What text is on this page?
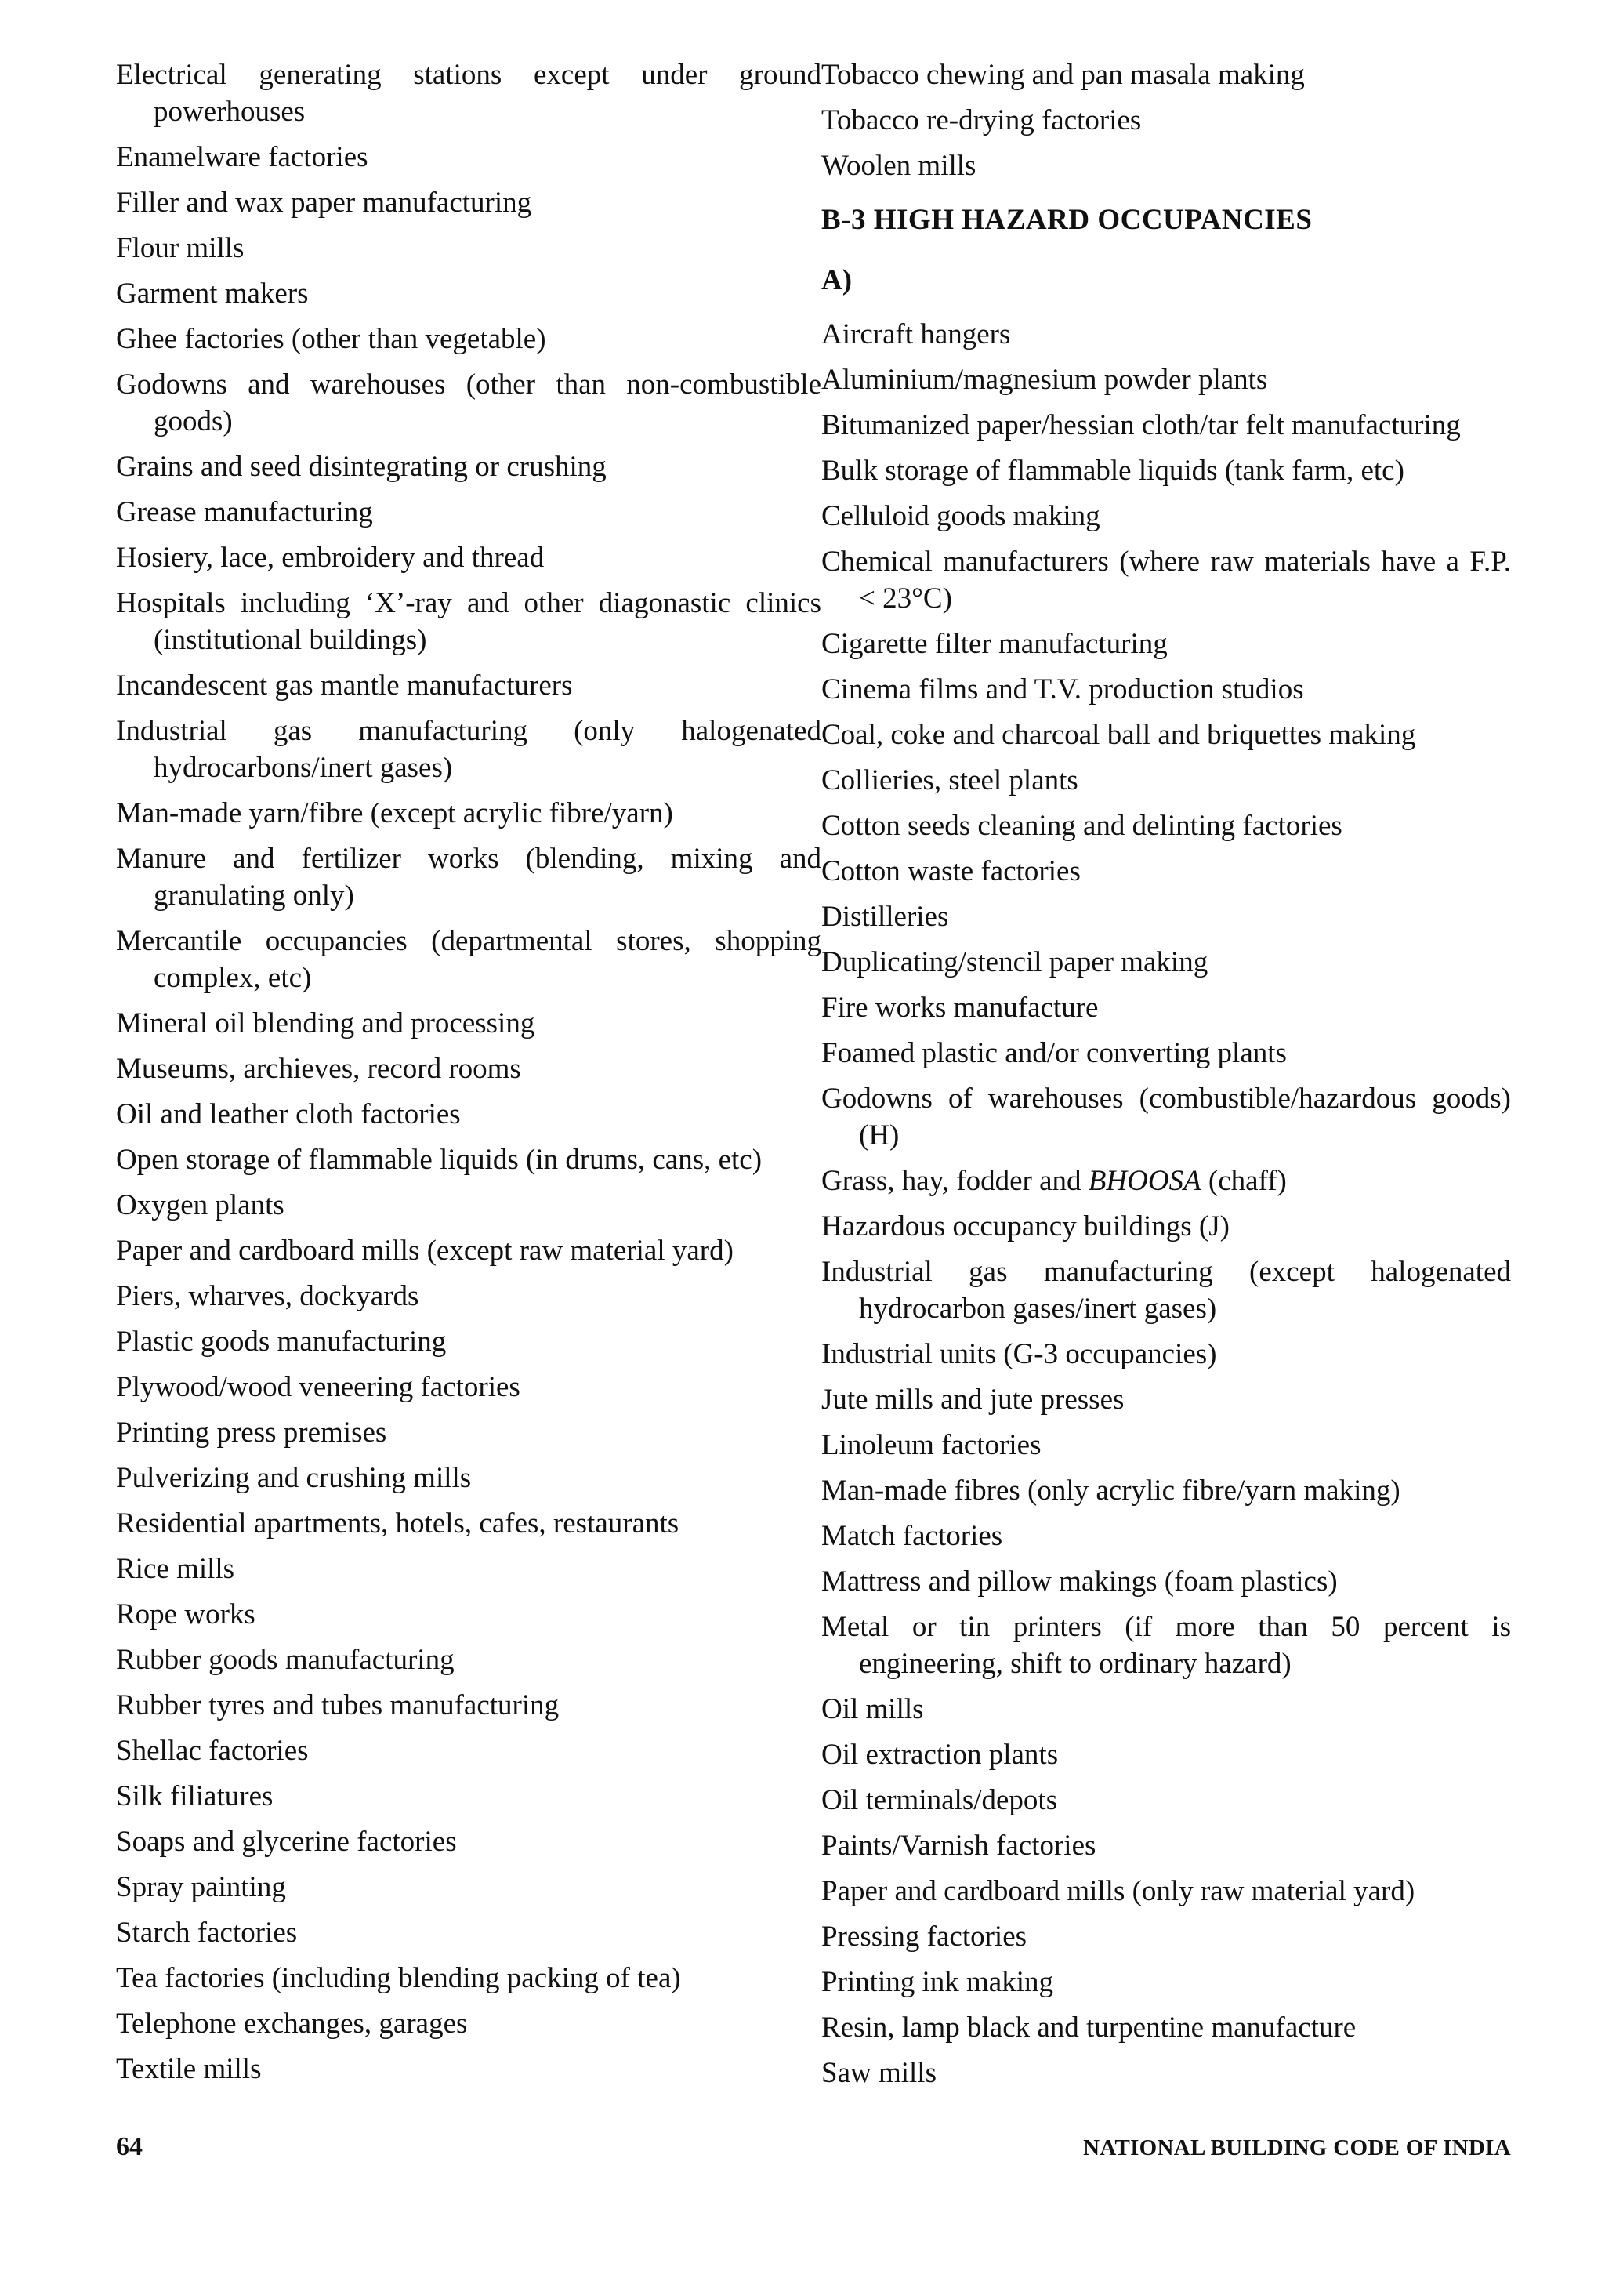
Electrical generating stations except under ground powerhouses
Enamelware factories
Filler and wax paper manufacturing
Flour mills
Garment makers
Ghee factories (other than vegetable)
Godowns and warehouses (other than non-combustible goods)
Grains and seed disintegrating or crushing
Grease manufacturing
Hosiery, lace, embroidery and thread
Hospitals including ‘X’-ray and other diagonastic clinics (institutional buildings)
Incandescent gas mantle manufacturers
Industrial gas manufacturing (only halogenated hydrocarbons/inert gases)
Man-made yarn/fibre (except acrylic fibre/yarn)
Manure and fertilizer works (blending, mixing and granulating only)
Mercantile occupancies (departmental stores, shopping complex, etc)
Mineral oil blending and processing
Museums, archieves, record rooms
Oil and leather cloth factories
Open storage of flammable liquids (in drums, cans, etc)
Oxygen plants
Paper and cardboard mills (except raw material yard)
Piers, wharves, dockyards
Plastic goods manufacturing
Plywood/wood veneering factories
Printing press premises
Pulverizing and crushing mills
Residential apartments, hotels, cafes, restaurants
Rice mills
Rope works
Rubber goods manufacturing
Rubber tyres and tubes manufacturing
Shellac factories
Silk filiatures
Soaps and glycerine factories
Spray painting
Starch factories
Tea factories (including blending packing of tea)
Telephone exchanges, garages
Textile mills
Tobacco chewing and pan masala making
Tobacco re-drying factories
Woolen mills
B-3 HIGH HAZARD OCCUPANCIES
A)
Aircraft hangers
Aluminium/magnesium powder plants
Bitumanized paper/hessian cloth/tar felt manufacturing
Bulk storage of flammable liquids (tank farm, etc)
Celluloid goods making
Chemical manufacturers (where raw materials have a F.P. < 23°C)
Cigarette filter manufacturing
Cinema films and T.V. production studios
Coal, coke and charcoal ball and briquettes making
Collieries, steel plants
Cotton seeds cleaning and delinting factories
Cotton waste factories
Distilleries
Duplicating/stencil paper making
Fire works manufacture
Foamed plastic and/or converting plants
Godowns of warehouses (combustible/hazardous goods) (H)
Grass, hay, fodder and BHOOSA (chaff)
Hazardous occupancy buildings (J)
Industrial gas manufacturing (except halogenated hydrocarbon gases/inert gases)
Industrial units (G-3 occupancies)
Jute mills and jute presses
Linoleum factories
Man-made fibres (only acrylic fibre/yarn making)
Match factories
Mattress and pillow makings (foam plastics)
Metal or tin printers (if more than 50 percent is engineering, shift to ordinary hazard)
Oil mills
Oil extraction plants
Oil terminals/depots
Paints/Varnish factories
Paper and cardboard mills (only raw material yard)
Pressing factories
Printing ink making
Resin, lamp black and turpentine manufacture
Saw mills
64	NATIONAL BUILDING CODE OF INDIA
